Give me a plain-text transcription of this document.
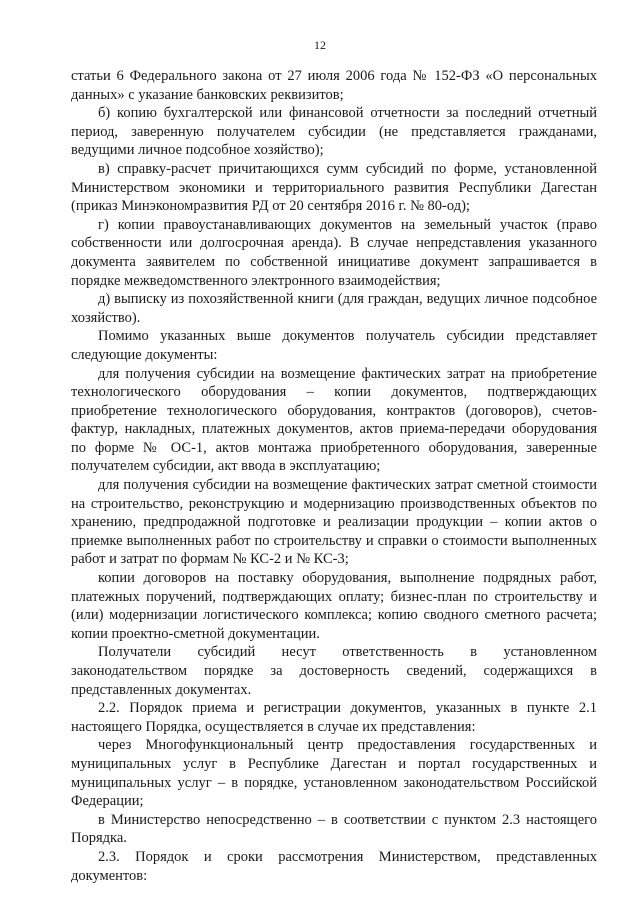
12

статьи 6 Федерального закона от 27 июля 2006 года № 152-ФЗ «О персональных данных» с указание банковских реквизитов;

б) копию бухгалтерской или финансовой отчетности за последний отчетный период, заверенную получателем субсидии (не представляется гражданами, ведущими личное подсобное хозяйство);

в) справку-расчет причитающихся сумм субсидий по форме, установленной Министерством экономики и территориального развития Республики Дагестан (приказ Минэкономразвития РД от 20 сентября 2016 г. № 80-од);

г) копии правоустанавливающих документов на земельный участок (право собственности или долгосрочная аренда). В случае непредставления указанного документа заявителем по собственной инициативе документ запрашивается в порядке межведомственного электронного взаимодействия;

д) выписку из похозяйственной книги (для граждан, ведущих личное подсобное хозяйство).

Помимо указанных выше документов получатель субсидии представляет следующие документы:

для получения субсидии на возмещение фактических затрат на приобретение технологического оборудования – копии документов, подтверждающих приобретение технологического оборудования, контрактов (договоров), счетов-фактур, накладных, платежных документов, актов приема-передачи оборудования по форме № ОС-1, актов монтажа приобретенного оборудования, заверенные получателем субсидии, акт ввода в эксплуатацию;

для получения субсидии на возмещение фактических затрат сметной стоимости на строительство, реконструкцию и модернизацию производственных объектов по хранению, предпродажной подготовке и реализации продукции – копии актов о приемке выполненных работ по строительству и справки о стоимости выполненных работ и затрат по формам № КС-2 и № КС-3;

копии договоров на поставку оборудования, выполнение подрядных работ, платежных поручений, подтверждающих оплату; бизнес-план по строительству и (или) модернизации логистического комплекса; копию сводного сметного расчета; копии проектно-сметной документации.

Получатели субсидий несут ответственность в установленном законодательством порядке за достоверность сведений, содержащихся в представленных документах.

2.2. Порядок приема и регистрации документов, указанных в пункте 2.1 настоящего Порядка, осуществляется в случае их представления:

через Многофункциональный центр предоставления государственных и муниципальных услуг в Республике Дагестан и портал государственных и муниципальных услуг – в порядке, установленном законодательством Российской Федерации;

в Министерство непосредственно – в соответствии с пунктом 2.3 настоящего Порядка.

2.3. Порядок и сроки рассмотрения Министерством, представленных документов:
